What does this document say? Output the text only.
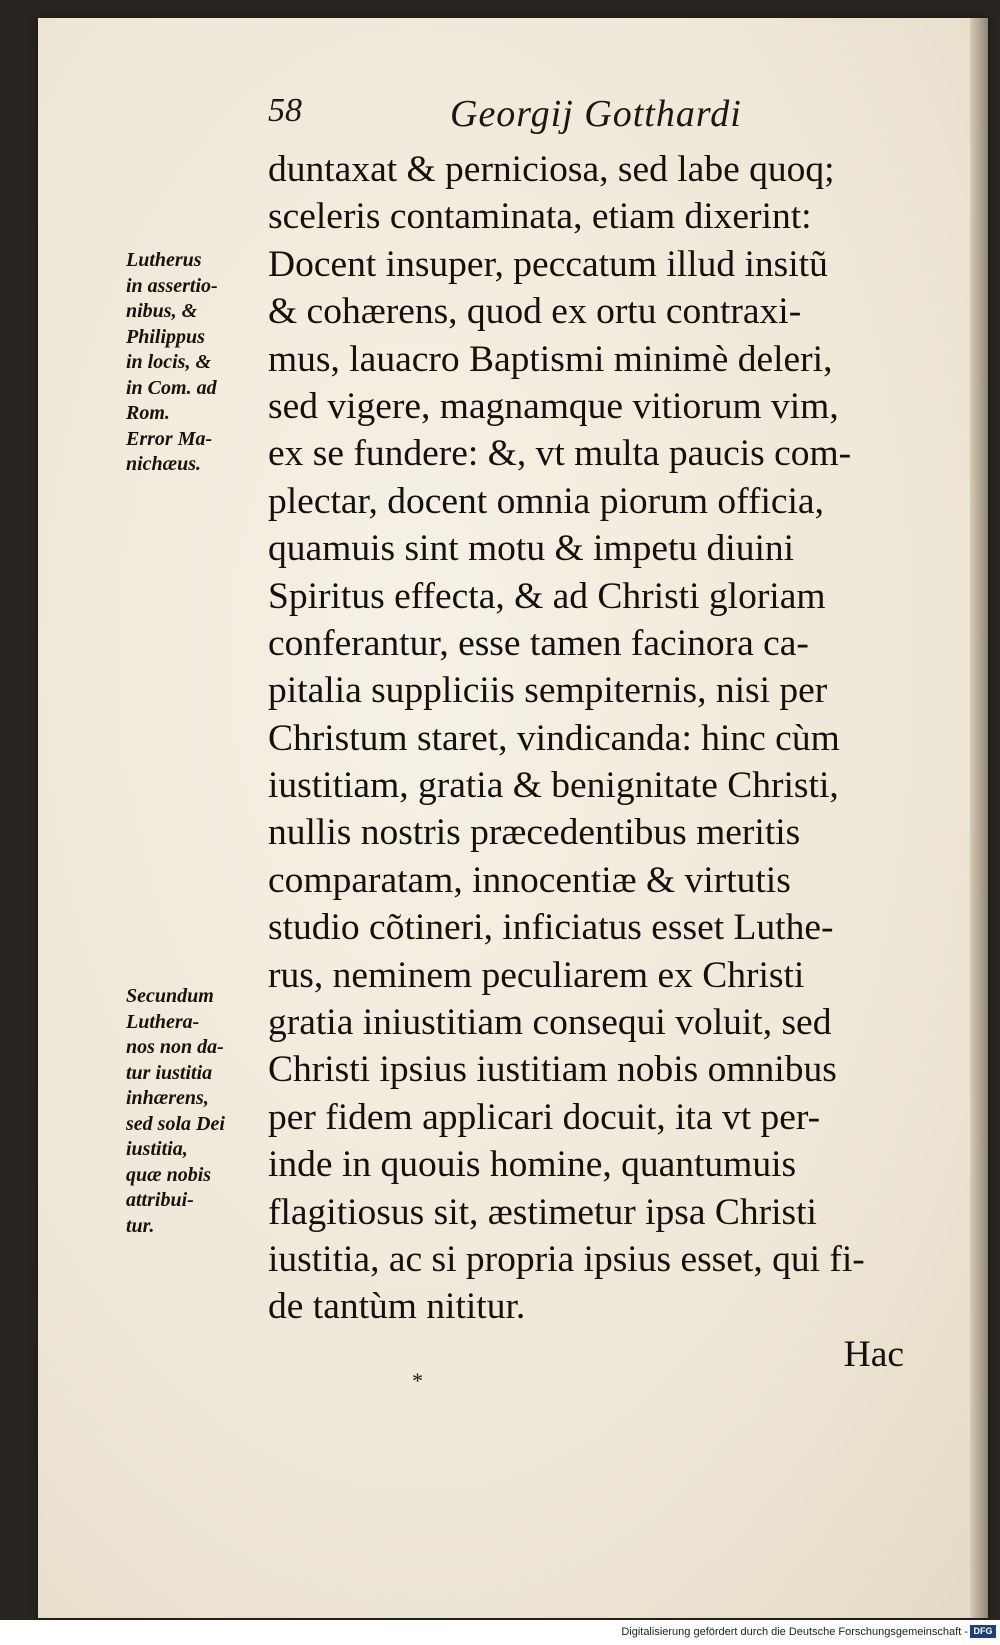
58	Georgij Gotthardi
Lutherus
in assertio-
nibus, &
Philippus
in locis, &
in Com. ad
Rom.
Error Ma-
nichæus.
Secundum
Luthera-
nos non da-
tur iustitia
inhærens,
sed sola Dei
iustitia,
quæ nobis
attribui-
tur.
duntaxat & perniciosa, sed labe quoq;
sceleris contaminata, etiam dixerint:
Docent insuper, peccatum illud insitũ
& cohærens, quod ex ortu contraxi-
mus, lauacro Baptismi minimè deleri,
sed vigere, magnamque vitiorum vim,
ex se fundere: &, vt multa paucis com-
plectar, docent omnia piorum officia,
quamuis sint motu & impetu diuini
Spiritus effecta, & ad Christi gloriam
conferantur, esse tamen facinora ca-
pitalia suppliciis sempiternis, nisi per
Christum staret, vindicanda: hinc cùm
iustitiam, gratia & benignitate Christi,
nullis nostris præcedentibus meritis
comparatam, innocentiæ & virtutis
studio cõtineri, inficiatus esset Luthe-
rus, neminem peculiarem ex Christi
gratia iniustitiam consequi voluit, sed
Christi ipsius iustitiam nobis omnibus
per fidem applicari docuit, ita vt per-
inde in quouis homine, quantumuis
flagitiosus sit, æstimetur ipsa Christi
iustitia, ac si propria ipsius esset, qui fi-
de tantùm nititur.
Hac
*
Digitalisierung gefördert durch die Deutsche Forschungsgemeinschaft - DFG
